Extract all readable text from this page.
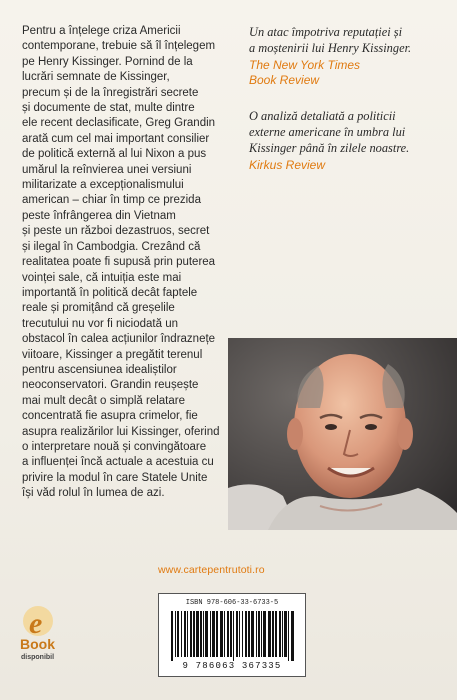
Pentru a înțelege criza Americii
contemporane, trebuie să îl înțelegem
pe Henry Kissinger. Pornind de la
lucrări semnate de Kissinger,
precum și de la înregistrări secrete
și documente de stat, multe dintre
ele recent declasificate, Greg Grandin
arată cum cel mai important consilier
de politică externă al lui Nixon a pus
umărul la reînvierea unei versiuni
militarizate a excepționalismului
american – chiar în timp ce prezida
peste înfrângerea din Vietnam
și peste un război dezastruos, secret
și ilegal în Cambodgia. Crezând că
realitatea poate fi supusă prin puterea
voinței sale, că intuiția este mai
importantă în politică decât faptele
reale și promițând că greșelile
trecutului nu vor fi niciodată un
obstacol în calea acțiunilor îndraznețe
viitoare, Kissinger a pregătit terenul
pentru ascensiunea idealiștilor
neoconservatori. Grandin reușește
mai mult decât o simplă relatare
concentrată fie asupra crimelor, fie
asupra realizărilor lui Kissinger, oferind
o interpretare nouă și convingătoare
a influenței încă actuale a acestuia cu
privire la modul în care Statele Unite
își văd rolul în lumea de azi.
Un atac împotriva reputației și
a moștenirii lui Henry Kissinger.
The New York Times
Book Review
O analiză detaliată a politicii
externe americane în umbra lui
Kissinger până în zilele noastre.
Kirkus Review
www.cartepentrutoti.ro
e
Book
disponibil
ISBN 978-606-33-6733-5
9 786063 367335
